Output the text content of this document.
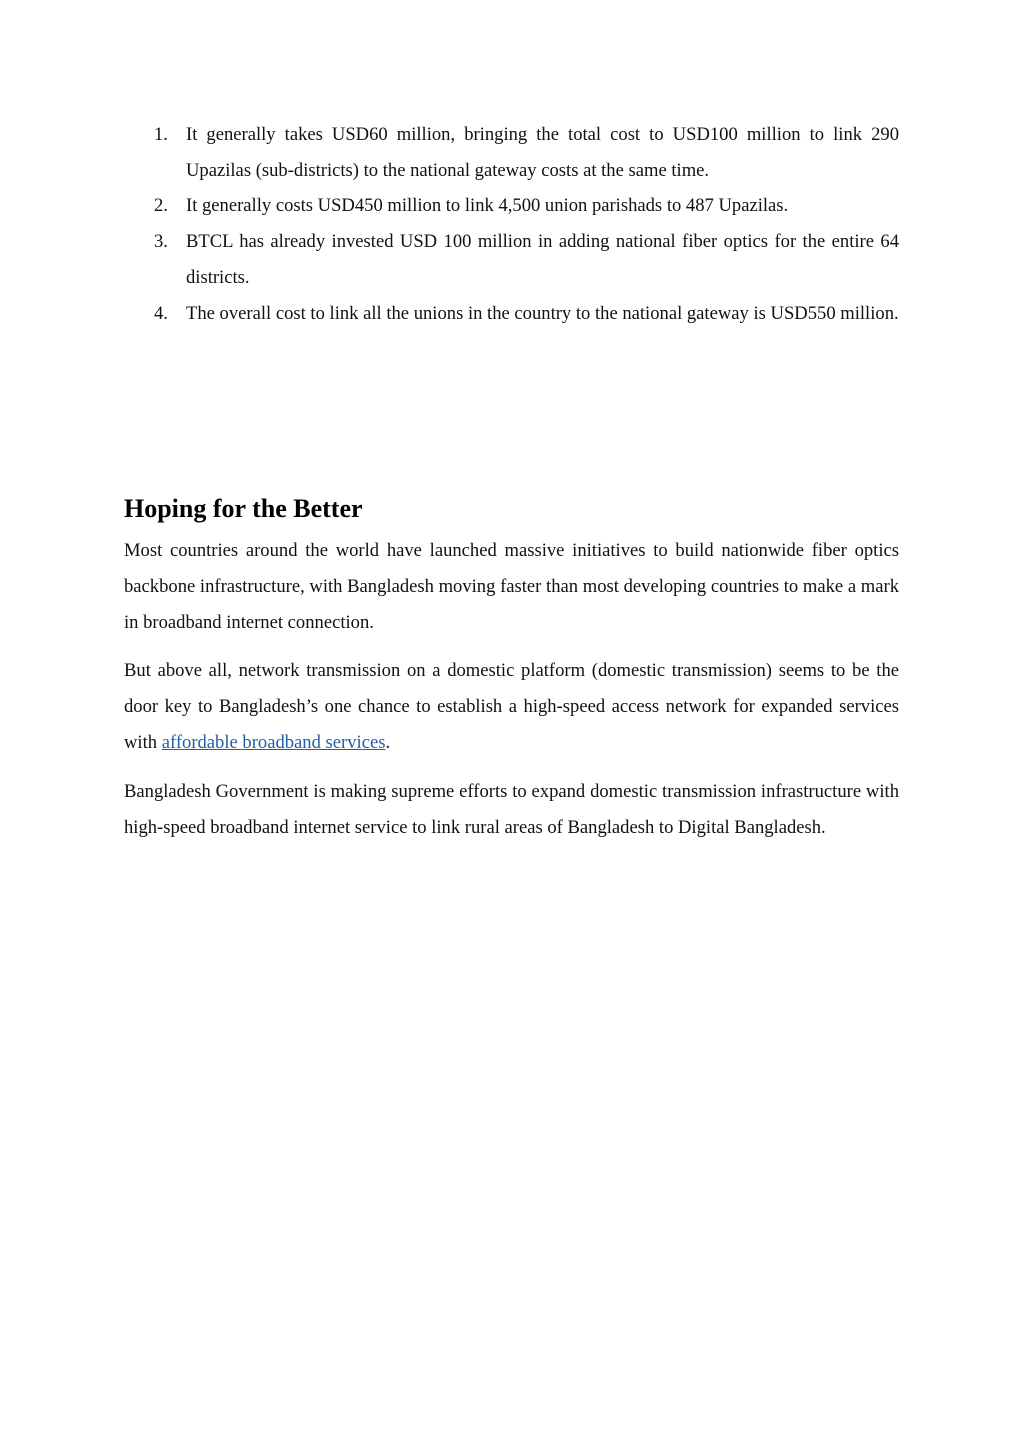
1. It generally takes USD60 million, bringing the total cost to USD100 million to link 290 Upazilas (sub-districts) to the national gateway costs at the same time.
2. It generally costs USD450 million to link 4,500 union parishads to 487 Upazilas.
3. BTCL has already invested USD 100 million in adding national fiber optics for the entire 64 districts.
4. The overall cost to link all the unions in the country to the national gateway is USD550 million.
Hoping for the Better

Most countries around the world have launched massive initiatives to build nationwide fiber optics backbone infrastructure, with Bangladesh moving faster than most developing countries to make a mark in broadband internet connection.

But above all, network transmission on a domestic platform (domestic transmission) seems to be the door key to Bangladesh’s one chance to establish a high-speed access network for expanded services with affordable broadband services.

Bangladesh Government is making supreme efforts to expand domestic transmission infrastructure with high-speed broadband internet service to link rural areas of Bangladesh to Digital Bangladesh.
